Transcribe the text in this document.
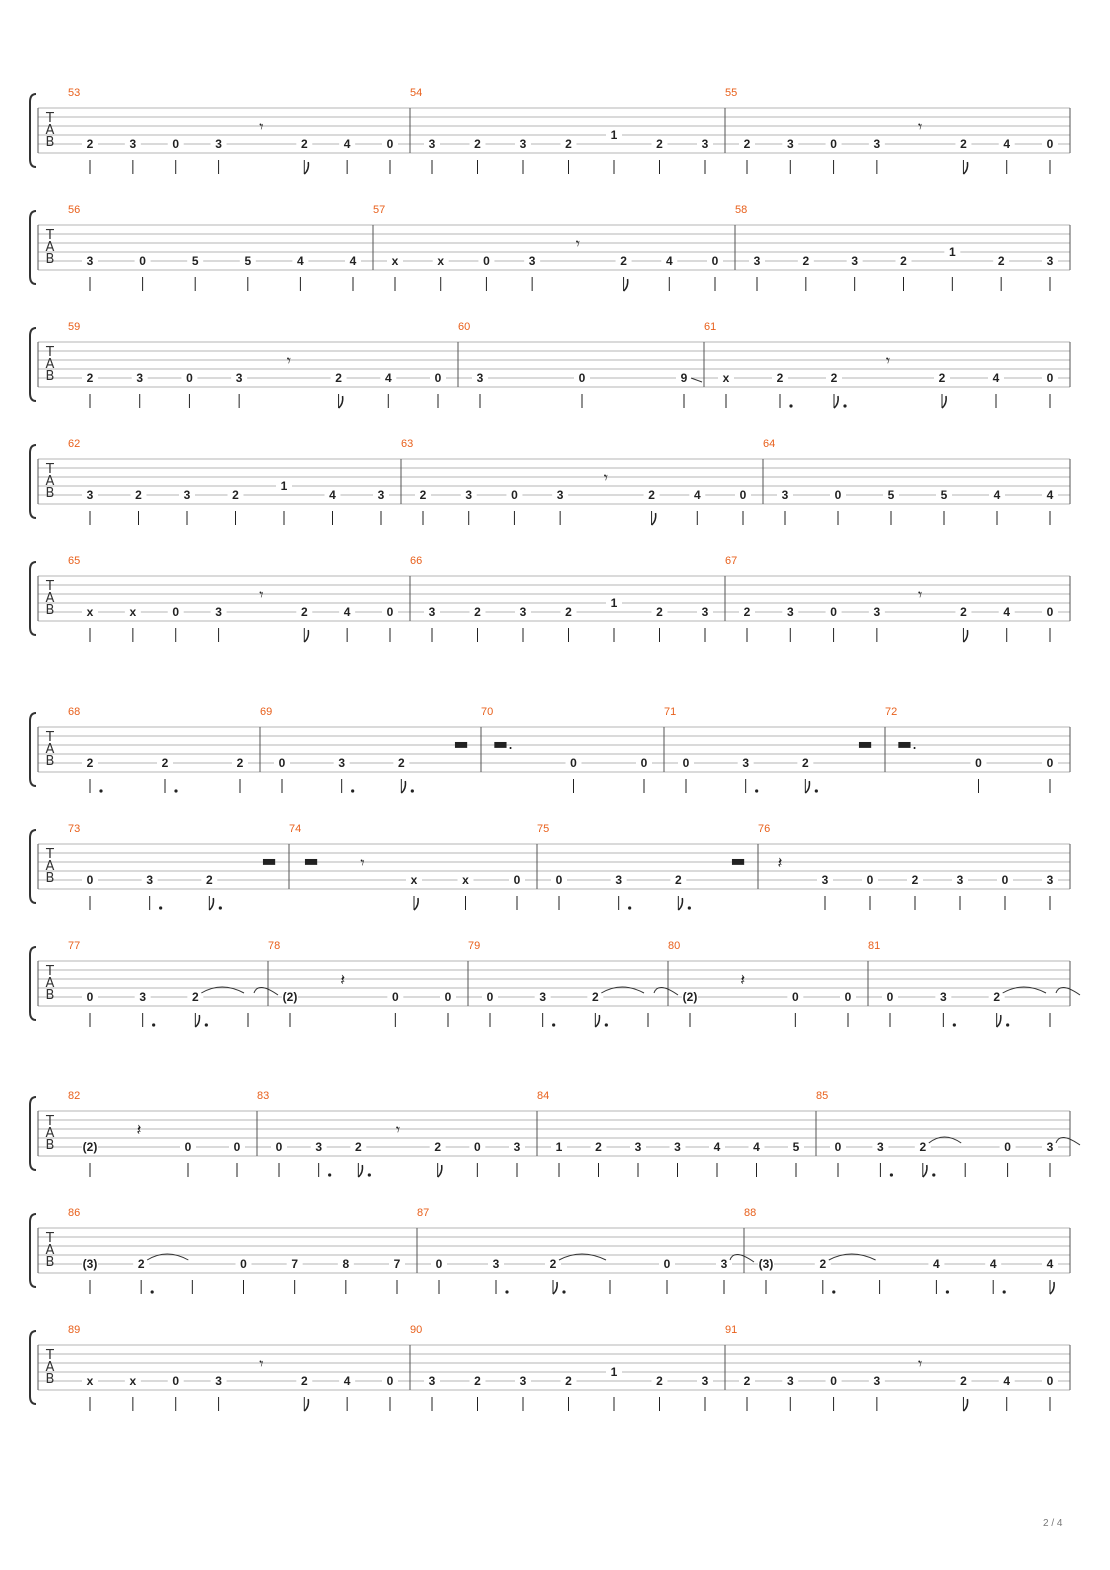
T
A
B
53
2	3	0	3
𝄾
2	4	0
54
3	2	3	2
1
2	3
55
2	3	0	3
𝄾
2	4	0
T
A
B
56
3	0	5	5	4	4
57
x	x	0	3
𝄾
2	4	0
58
3	2	3	2
1
2	3
T
A
B
59
2	3	0	3
𝄾
2	4	0
60
3	0	9
61
x	2	2
𝄾
2	4	0
T
A
B
62
3	2	3	2
1
4	3
63
2	3	0	3
𝄾
2	4	0
64
3	0	5	5	4	4
T
A
B
65
x	x	0	3
𝄾
2	4	0
66
3	2	3	2
1
2	3
67
2	3	0	3
𝄾
2	4	0
T
A
B
68
2	2	2
69
0	3	2
▬
70
▬.
0	0
71
0	3	2
▬
72
▬.
0	0
T
A
B
73
0	3	2
▬
74
▬	𝄾
x	x	0
75
0	3	2
▬
76
𝄽
3	0	2	3	0	3
T
A
B
77
0	3	2
78
(2)
𝄽
0	0
79
0	3	2
80
(2)
𝄽
0	0
81
0	3	2
T
A
B
82
(2)
𝄽
0	0
83
0	3	2
𝄾
2	0	3
84
1	2	3	3	4	4	5
85
0	3	2	0	3
T
A
B
86
(3)	2	0	7	8	7
87
0	3	2	0	3
88
(3)	2	4	4	4
T
A
B
89
x	x	0	3
𝄾
2	4	0
90
3	2	3	2
1
2	3
91
2	3	0	3
𝄾
2	4	0
2 / 4
